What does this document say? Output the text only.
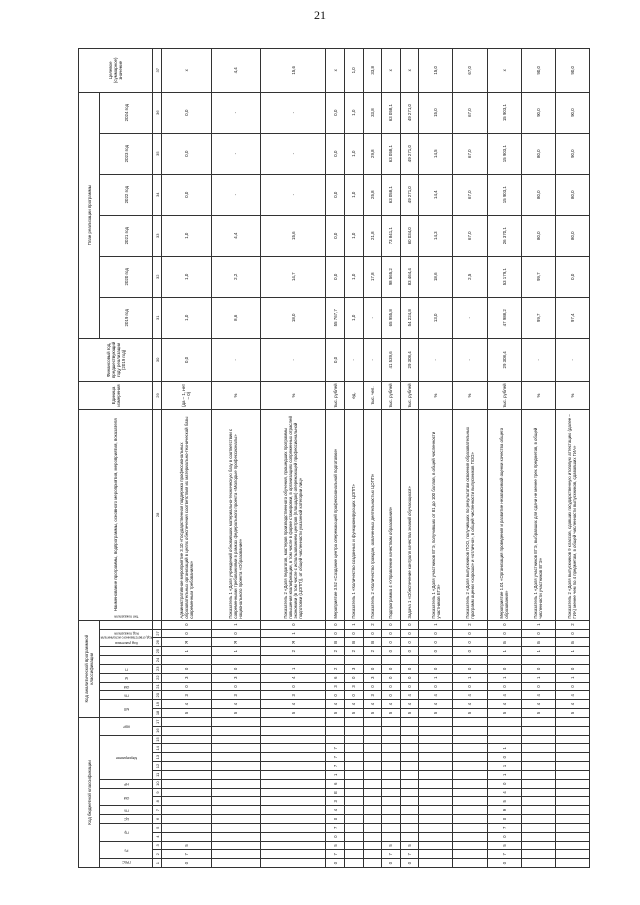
21
Код бюджетной классификации																	Код аналитической программной классификации											Наименование программы, подпрограммы, основного мероприятия, мероприятия, показателя	Единица измерения	Финансовый год, предшествующий году реализации (2019 год)	План реализации программы						Целевое (суммарное) значение
ГРБС	Рз		Пр		ЦС	Пп	ОМ		НР	Мероприятие					КВР		МП		Пп	ОМ	М	П	Код ответственного исполнителя	Код участника	Код показателя		Тип показателя				2019 год	2020 год	2021 год	2022 год	2023 год	2024 год	
1	2	3	4	5	6	7	8	9	10	11	12	13	14	15	16	17	18	19	20	21	22	23	24	25	26	27		28	29	30	31	32	33	34	35	36	37
0	7	5															5	4	3	0	3	0		1	Я	0	0	Административное мероприятие 3.10 «Государственная поддержка профессиональных образовательных организаций в целях обеспечения соответствия их материально-технической базы современным требованиям»	(да – 1, нет – 0)	0,0	1,0	1,0	1,0	0,0	0,0	0,0	х
																	5	4	3	0	3	0		1	Я	0	1	Показатель 1 «Доля учреждений обновивших материально-техническую базу в соответствии с современными требованиями в рамках федерального проекта «Молодые профессионалы» национального проекта «Образование»	%	-	8,6	2,2	4,4	-	-	-	4,4
																	5	4	3	0	4	1		2	Я	1	0	Показатель 2 «Доля педагогов, мастеров производственного обучения, прошедших программы повышения квалификации, в том числе в форме стажировки, в организациях сопряженных отраслей экономики (в том числе с использованием центров (площадок) опережающей профессиональной подготовки (ЦОПП)), от общей численности указанной категории лиц»	%	-	18,0	14,7	15,6	-	-	-	15,6
0	7	5	0	7	0	4	3	Е	6	1	7	7	7				5	4	0	3	6	2		2	В	0	0	Мероприятие 3.52 «Создание центра опережающей профессиональной подготовки»	тыс. рублей	0,0	55 767,7	0,0	0,0	0,0	0,0	0,0	х
																	5	4	0	3	0	3		2	В	0	1	Показатель 1 «Количество созданных и функционирующих ЦОПП»	ед.	-	1,0	1,0	1,0	1,0	1,0	1,0	1,0
																	5	4	3	0	3	0		2	В	0	2	Показатель 2 «Количество граждан, охваченных деятельностью ЦОПП»	тыс. чел.	-	-	17,8	21,8	25,8	29,8	33,8	33,8
0	7	5															5	4	0	0	0	0		0	0	0	0	Подпрограмма 4 «Управление качеством образования»	тыс. рублей	41 539,6	65 955,8	98 565,2	73 841,1	63 058,1	63 058,1	63 058,1	х
0	7	5															5	4	4	0	0	0		0	0	0	0	Задача 1 «Обеспечение контроля качества знаний обучающихся»	тыс. рублей	29 308,4	54 224,8	83 464,4	60 034,0	49 271,0	49 271,0	49 271,0	х
																	5	4	4	0	1	0		0	0	0	1	Показатель 1 «Доля участников ЕГЭ, получивших от 81 до 100 баллов, в общей численности участников ЕГЭ»	%	-	13,0	18,6	14,3	14,4	14,5	15,0	15,0
																	5	4	4	0	1	0		0	0	0	2	Показатель 2 «Доля выпускников ПОО, получивших по результатам освоения образовательных программ оценки «хорошо» и «отлично», в общей численности выпускников ПОО»	%	-	-	2,5	67,0	67,0	67,0	67,0	67,0
0	7	5	0	7	0	9	5	4	0	1	1	0	1				5	4	4	0	1	0		1	Б	0	0	Мероприятие 1.01 «Организация проведения и развитие независимой оценки качества общего образования»	тыс. рублей	29 308,4	47 988,2	53 179,1	26 370,1	15 903,1	15 903,1	15 903,1	х
																	5	4	4	0	1	0		1	Б	0	1	Показатель 1 «Доля участников ЕГЭ, выбравших для сдачи не менее трех предметов, в общей численности участников ЕГЭ»	%	-	99,7	99,7	80,0	80,0	80,0	90,0	90,0
																	5	4	4	0	1	0		1	Б	0	2	Показатель 2 «Доля выпускников 9 классов, сдавших государственную итоговую аттестацию (далее – ГИА) менее чем по 4 предметам, в общей численности выпускников, сдававших ГИА»	%	-	97,4	0,0	80,0	80,0	90,0	90,0	90,0
